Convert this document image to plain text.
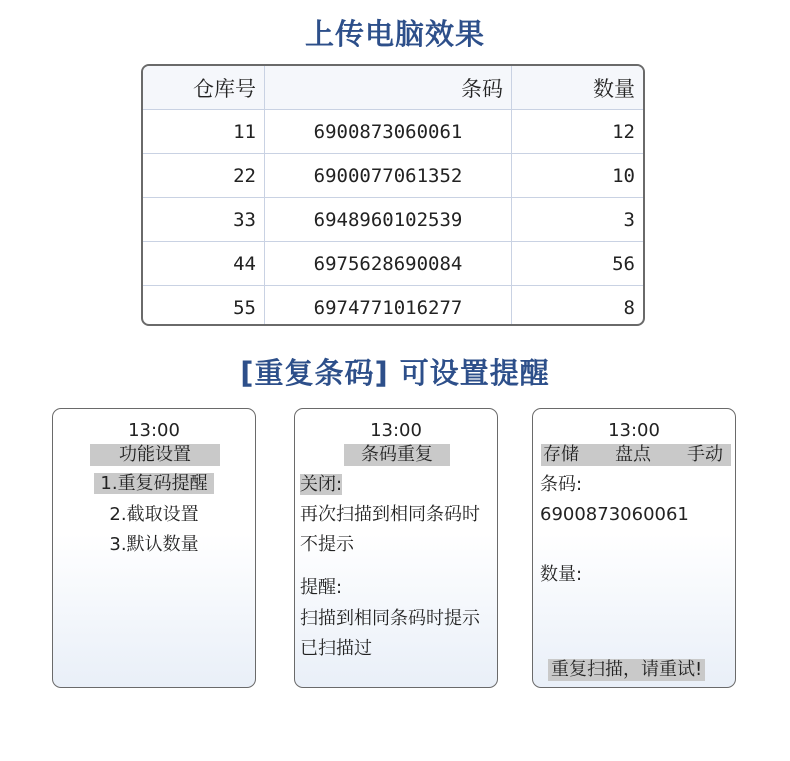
上传电脑效果
仓库号	条码	数量
11	6900873060061	12
22	6900077061352	10
33	6948960102539	3
44	6975628690084	56
55	6974771016277	8
[重复条码] 可设置提醒
13:00
功能设置
1.重复码提醒
2.截取设置
3.默认数量
13:00
条码重复
关闭:
再次扫描到相同条码时
不提示
提醒:
扫描到相同条码时提示
已扫描过
13:00
存储 盘点 手动
条码: 6900873060061
数量:
重复扫描，请重试!
